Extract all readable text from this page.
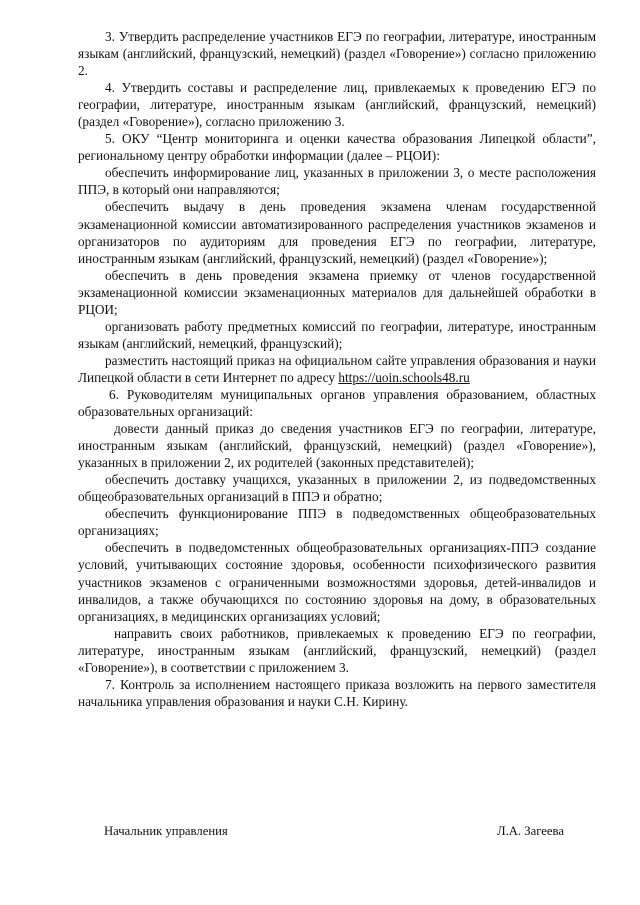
3. Утвердить распределение участников ЕГЭ по географии, литературе, иностранным языкам (английский, французский, немецкий) (раздел «Говорение») согласно приложению 2.

4. Утвердить составы и распределение лиц, привлекаемых к проведению ЕГЭ по географии, литературе, иностранным языкам (английский, французский, немецкий) (раздел «Говорение»), согласно приложению 3.

5. ОКУ “Центр мониторинга и оценки качества образования Липецкой области”, региональному центру обработки информации (далее – РЦОИ):

обеспечить информирование лиц, указанных в приложении 3, о месте расположения ППЭ, в который они направляются;

обеспечить выдачу в день проведения экзамена членам государственной экзаменационной комиссии автоматизированного распределения участников экзаменов и организаторов по аудиториям для проведения ЕГЭ по географии, литературе, иностранным языкам (английский, французский, немецкий) (раздел «Говорение»);

обеспечить в день проведения экзамена приемку от членов государственной экзаменационной комиссии экзаменационных материалов для дальнейшей обработки в РЦОИ;

организовать работу предметных комиссий по географии, литературе, иностранным языкам (английский, немецкий, французский);

разместить настоящий приказ на официальном сайте управления образования и науки Липецкой области в сети Интернет по адресу https://uoin.schools48.ru

6. Руководителям муниципальных органов управления образованием, областных образовательных организаций:

довести данный приказ до сведения участников ЕГЭ по географии, литературе, иностранным языкам (английский, французский, немецкий) (раздел «Говорение»), указанных в приложении 2, их родителей (законных представителей);

обеспечить доставку учащихся, указанных в приложении 2, из подведомственных общеобразовательных организаций в ППЭ и обратно;

обеспечить функционирование ППЭ в подведомственных общеобразовательных организациях;

обеспечить в подведомстенных общеобразовательных организациях-ППЭ создание условий, учитывающих состояние здоровья, особенности психофизического развития участников экзаменов с ограниченными возможностями здоровья, детей-инвалидов и инвалидов, а также обучающихся по состоянию здоровья на дому, в образовательных организациях, в медицинских организациях условий;

направить своих работников, привлекаемых к проведению ЕГЭ по географии, литературе, иностранным языкам (английский, французский, немецкий) (раздел «Говорение»), в соответствии с приложением 3.

7. Контроль за исполнением настоящего приказа возложить на первого заместителя начальника управления образования и науки С.Н. Кирину.

Начальник управления	Л.А. Загеева
